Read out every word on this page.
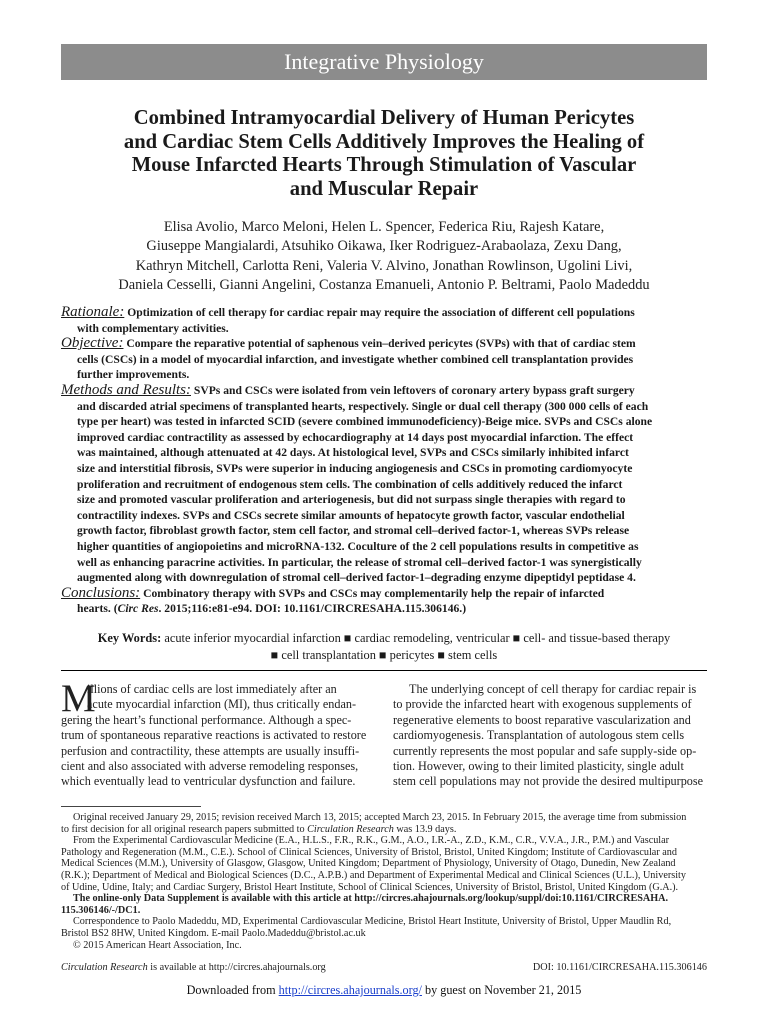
Integrative Physiology
Combined Intramyocardial Delivery of Human Pericytes
and Cardiac Stem Cells Additively Improves the Healing of
Mouse Infarcted Hearts Through Stimulation of Vascular
and Muscular Repair
Elisa Avolio, Marco Meloni, Helen L. Spencer, Federica Riu, Rajesh Katare,
Giuseppe Mangialardi, Atsuhiko Oikawa, Iker Rodriguez-Arabaolaza, Zexu Dang,
Kathryn Mitchell, Carlotta Reni, Valeria V. Alvino, Jonathan Rowlinson, Ugolini Livi,
Daniela Cesselli, Gianni Angelini, Costanza Emanueli, Antonio P. Beltrami, Paolo Madeddu
Rationale: Optimization of cell therapy for cardiac repair may require the association of different cell populations
with complementary activities.
Objective: Compare the reparative potential of saphenous vein–derived pericytes (SVPs) with that of cardiac stem
cells (CSCs) in a model of myocardial infarction, and investigate whether combined cell transplantation provides
further improvements.
Methods and Results: SVPs and CSCs were isolated from vein leftovers of coronary artery bypass graft surgery
and discarded atrial specimens of transplanted hearts, respectively. Single or dual cell therapy (300 000 cells of each
type per heart) was tested in infarcted SCID (severe combined immunodeficiency)-Beige mice. SVPs and CSCs alone
improved cardiac contractility as assessed by echocardiography at 14 days post myocardial infarction. The effect
was maintained, although attenuated at 42 days. At histological level, SVPs and CSCs similarly inhibited infarct
size and interstitial fibrosis, SVPs were superior in inducing angiogenesis and CSCs in promoting cardiomyocyte
proliferation and recruitment of endogenous stem cells. The combination of cells additively reduced the infarct
size and promoted vascular proliferation and arteriogenesis, but did not surpass single therapies with regard to
contractility indexes. SVPs and CSCs secrete similar amounts of hepatocyte growth factor, vascular endothelial
growth factor, fibroblast growth factor, stem cell factor, and stromal cell–derived factor-1, whereas SVPs release
higher quantities of angiopoietins and microRNA-132. Coculture of the 2 cell populations results in competitive as
well as enhancing paracrine activities. In particular, the release of stromal cell–derived factor-1 was synergistically
augmented along with downregulation of stromal cell–derived factor-1–degrading enzyme dipeptidyl peptidase 4.
Conclusions: Combinatory therapy with SVPs and CSCs may complementarily help the repair of infarcted
hearts. (Circ Res. 2015;116:e81-e94. DOI: 10.1161/CIRCRESAHA.115.306146.)
Key Words: acute inferior myocardial infarction ■ cardiac remodeling, ventricular ■ cell- and tissue-based therapy
■ cell transplantation ■ pericytes ■ stem cells
M
illions of cardiac cells are lost immediately after an
acute myocardial infarction (MI), thus critically endan-
gering the heart’s functional performance. Although a spec-
trum of spontaneous reparative reactions is activated to restore
perfusion and contractility, these attempts are usually insuffi-
cient and also associated with adverse remodeling responses,
which eventually lead to ventricular dysfunction and failure.
The underlying concept of cell therapy for cardiac repair is
to provide the infarcted heart with exogenous supplements of
regenerative elements to boost reparative vascularization and
cardiomyogenesis. Transplantation of autologous stem cells
currently represents the most popular and safe supply-side op-
tion. However, owing to their limited plasticity, single adult
stem cell populations may not provide the desired multipurpose
Original received January 29, 2015; revision received March 13, 2015; accepted March 23, 2015. In February 2015, the average time from submission
to first decision for all original research papers submitted to Circulation Research was 13.9 days.
From the Experimental Cardiovascular Medicine (E.A., H.L.S., F.R., R.K., G.M., A.O., I.R.-A., Z.D., K.M., C.R., V.V.A., J.R., P.M.) and Vascular
Pathology and Regeneration (M.M., C.E.). School of Clinical Sciences, University of Bristol, Bristol, United Kingdom; Institute of Cardiovascular and
Medical Sciences (M.M.), University of Glasgow, Glasgow, United Kingdom; Department of Physiology, University of Otago, Dunedin, New Zealand
(R.K.); Department of Medical and Biological Sciences (D.C., A.P.B.) and Department of Experimental Medical and Clinical Sciences (U.L.), University
of Udine, Udine, Italy; and Cardiac Surgery, Bristol Heart Institute, School of Clinical Sciences, University of Bristol, Bristol, United Kingdom (G.A.).
The online-only Data Supplement is available with this article at http://circres.ahajournals.org/lookup/suppl/doi:10.1161/CIRCRESAHA.
115.306146/-/DC1.
Correspondence to Paolo Madeddu, MD, Experimental Cardiovascular Medicine, Bristol Heart Institute, University of Bristol, Upper Maudlin Rd,
Bristol BS2 8HW, United Kingdom. E-mail Paolo.Madeddu@bristol.ac.uk
© 2015 American Heart Association, Inc.
Circulation Research is available at http://circres.ahajournals.org	DOI: 10.1161/CIRCRESAHA.115.306146
Downloaded from http://circres.ahajournals.org/ by guest on November 21, 2015
